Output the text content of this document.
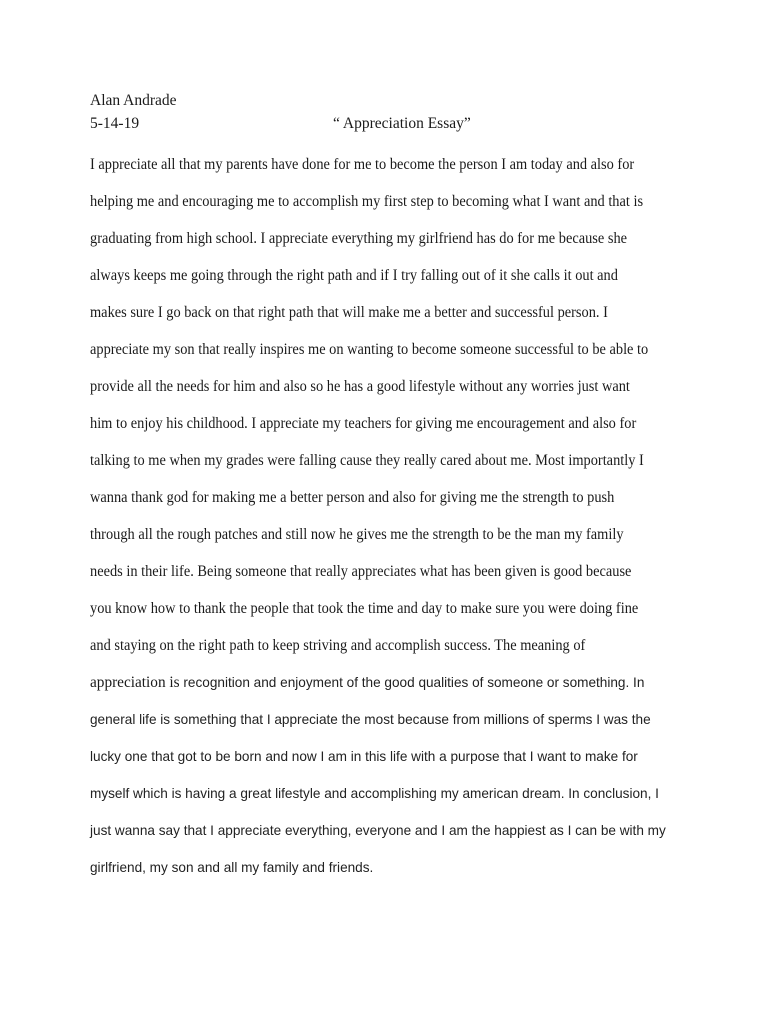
Alan Andrade
5-14-19	“ Appreciation Essay”
I appreciate all that my parents have done for me to become the person I am today and also for
helping me and encouraging me to accomplish my first step to becoming what I want and that is
graduating from high school. I appreciate everything my girlfriend has do for me because she
always keeps me going through the right path and if I try falling out of it she calls it out and
makes sure I go back on that right path that will make me a better and successful person. I
appreciate my son that really inspires me on wanting to become someone successful to be able to
provide all the needs for him and also so he has a good lifestyle without any worries just want
him to enjoy his childhood. I appreciate my teachers for giving me encouragement and also for
talking to me when my grades were falling cause they really cared about me. Most importantly I
wanna thank god for making me a better person and also for giving me the strength to push
through all the rough patches and still now he gives me the strength to be the man my family
needs in their life. Being someone that really appreciates what has been given is good because
you know how to thank the people that took the time and day to make sure you were doing fine
and staying on the right path to keep striving and accomplish success. The meaning of
appreciation is recognition and enjoyment of the good qualities of someone or something. In
general life is something that I appreciate the most because from millions of sperms I was the
lucky one that got to be born and now I am in this life with a purpose that I want to make for
myself which is having a great lifestyle and accomplishing my american dream. In conclusion, I
just wanna say that I appreciate everything, everyone and I am the happiest as I can be with my
girlfriend, my son and all my family and friends.
